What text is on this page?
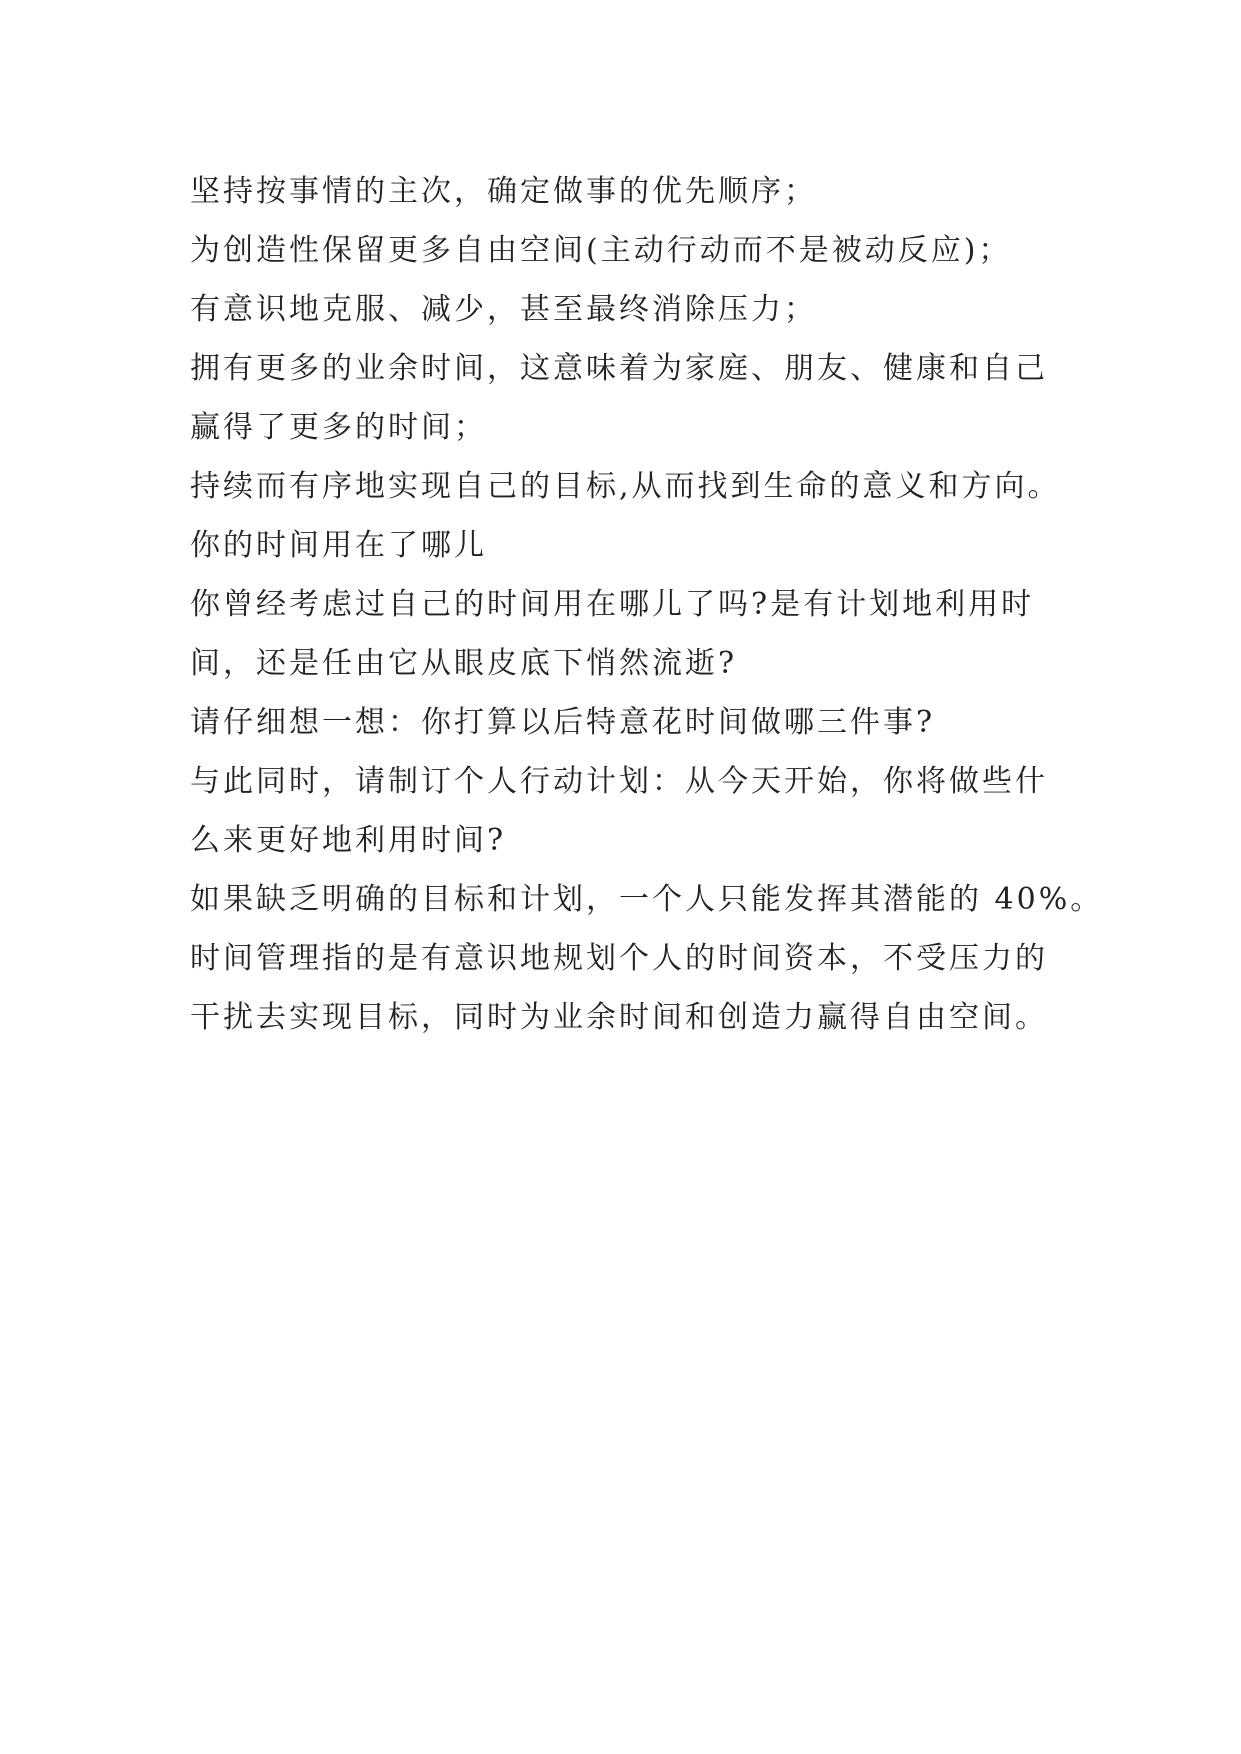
坚持按事情的主次，确定做事的优先顺序；

为创造性保留更多自由空间(主动行动而不是被动反应)；

有意识地克服、减少，甚至最终消除压力；

拥有更多的业余时间，这意味着为家庭、朋友、健康和自己

赢得了更多的时间；

持续而有序地实现自己的目标,从而找到生命的意义和方向。

你的时间用在了哪儿

你曾经考虑过自己的时间用在哪儿了吗?是有计划地利用时

间，还是任由它从眼皮底下悄然流逝?

请仔细想一想：你打算以后特意花时间做哪三件事?

与此同时，请制订个人行动计划：从今天开始，你将做些什

么来更好地利用时间?

如果缺乏明确的目标和计划，一个人只能发挥其潜能的 40%。

时间管理指的是有意识地规划个人的时间资本，不受压力的

干扰去实现目标，同时为业余时间和创造力赢得自由空间。
